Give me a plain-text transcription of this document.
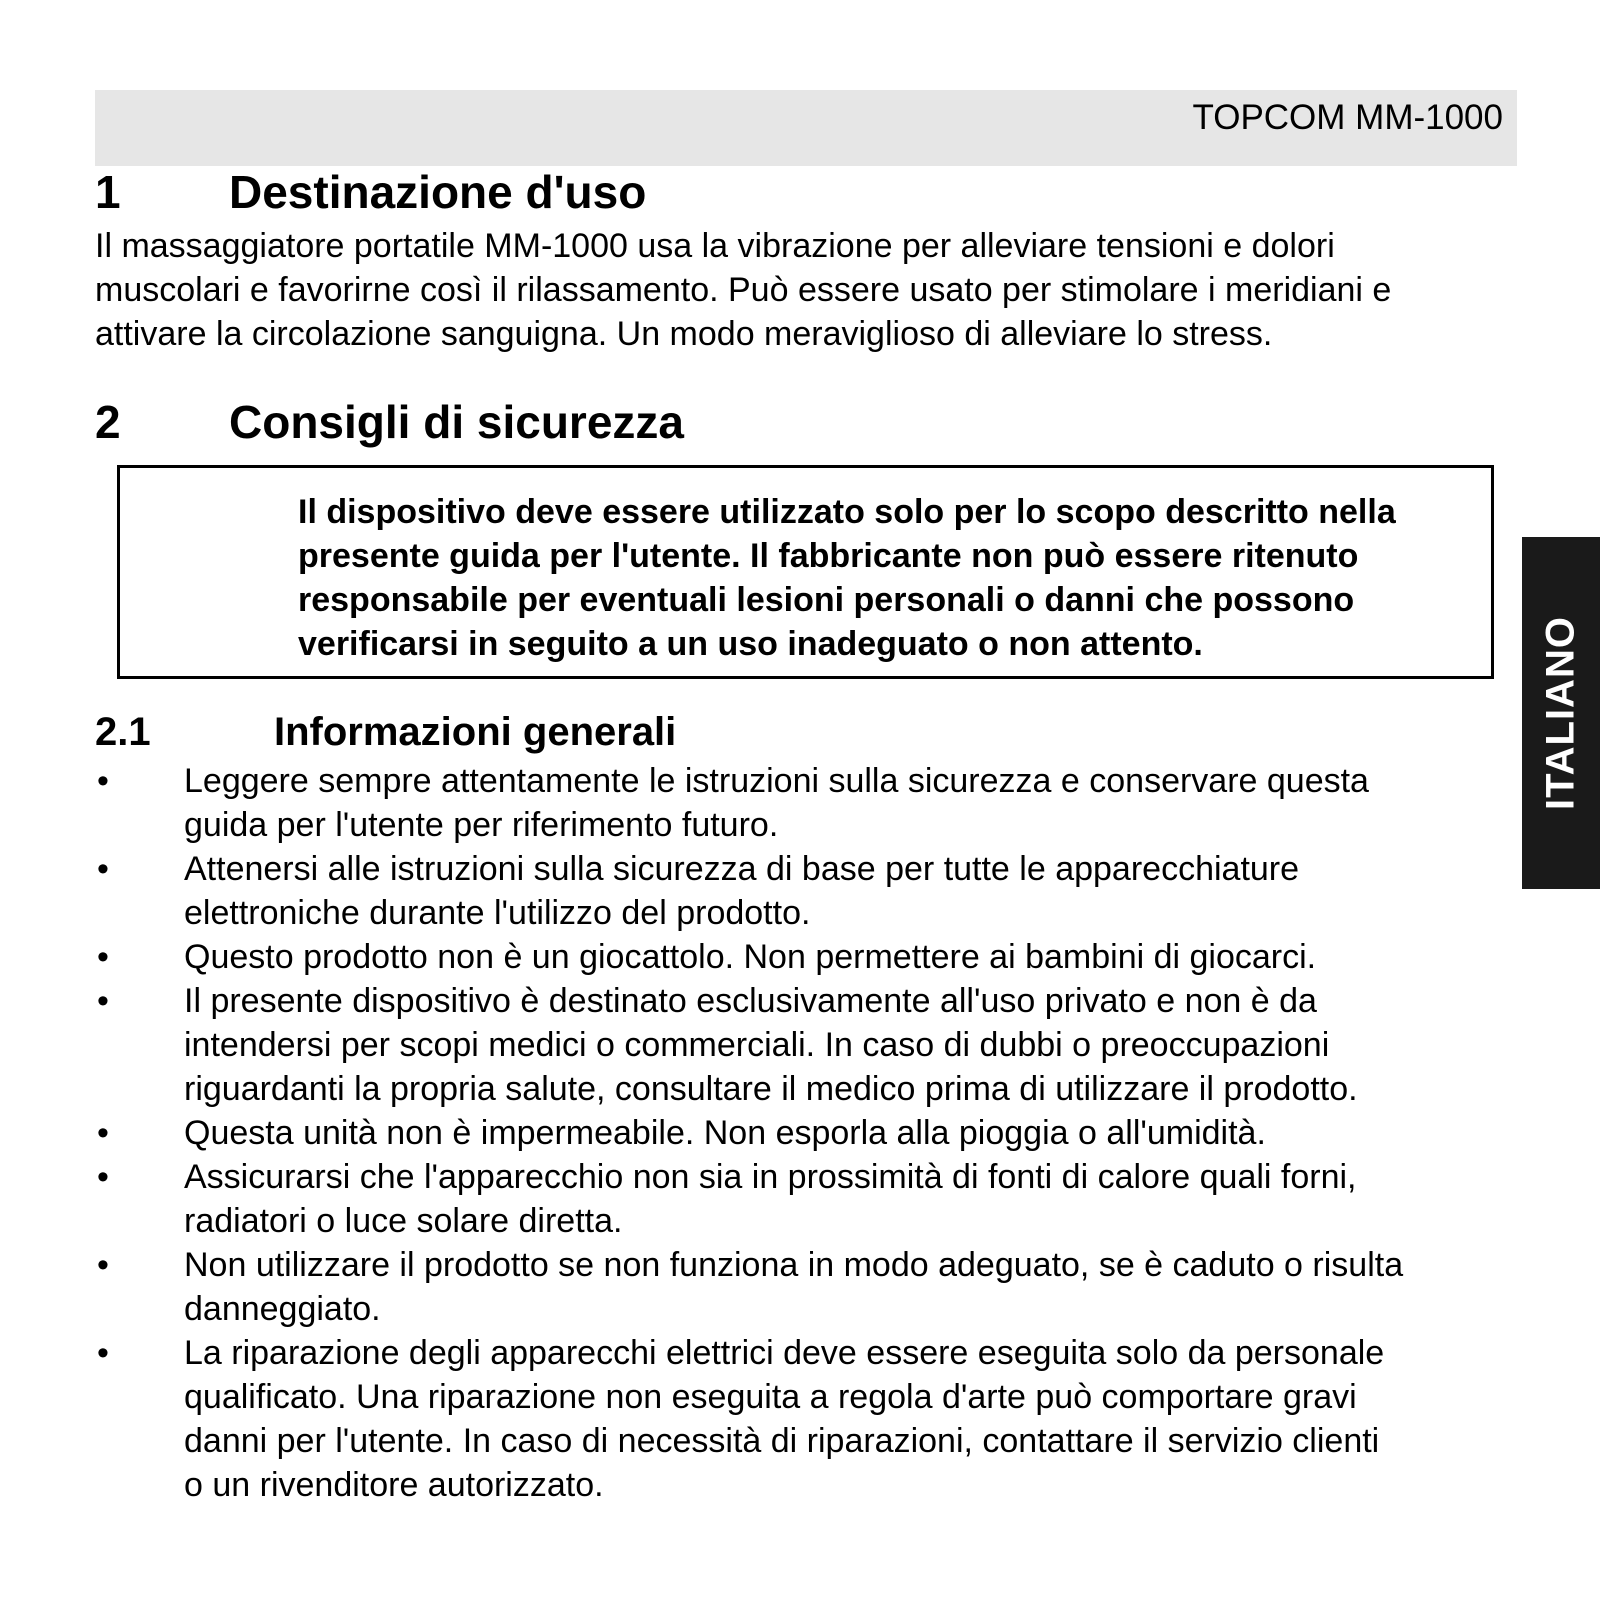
TOPCOM MM-1000
1 Destinazione d'uso
Il massaggiatore portatile MM-1000 usa la vibrazione per alleviare tensioni e dolori
muscolari e favorirne così il rilassamento. Può essere usato per stimolare i meridiani e
attivare la circolazione sanguigna. Un modo meraviglioso di alleviare lo stress.
2 Consigli di sicurezza
Il dispositivo deve essere utilizzato solo per lo scopo descritto nella
presente guida per l'utente. Il fabbricante non può essere ritenuto
responsabile per eventuali lesioni personali o danni che possono
verificarsi in seguito a un uso inadeguato o non attento.
2.1	Informazioni generali
• Leggere sempre attentamente le istruzioni sulla sicurezza e conservare questa
guida per l'utente per riferimento futuro.
• Attenersi alle istruzioni sulla sicurezza di base per tutte le apparecchiature
elettroniche durante l'utilizzo del prodotto.
• Questo prodotto non è un giocattolo. Non permettere ai bambini di giocarci.
• Il presente dispositivo è destinato esclusivamente all'uso privato e non è da
intendersi per scopi medici o commerciali. In caso di dubbi o preoccupazioni
riguardanti la propria salute, consultare il medico prima di utilizzare il prodotto.
• Questa unità non è impermeabile. Non esporla alla pioggia o all'umidità.
• Assicurarsi che l'apparecchio non sia in prossimità di fonti di calore quali forni,
radiatori o luce solare diretta.
• Non utilizzare il prodotto se non funziona in modo adeguato, se è caduto o risulta
danneggiato.
• La riparazione degli apparecchi elettrici deve essere eseguita solo da personale
qualificato. Una riparazione non eseguita a regola d'arte può comportare gravi
danni per l'utente. In caso di necessità di riparazioni, contattare il servizio clienti
o un rivenditore autorizzato.
ITALIANO
